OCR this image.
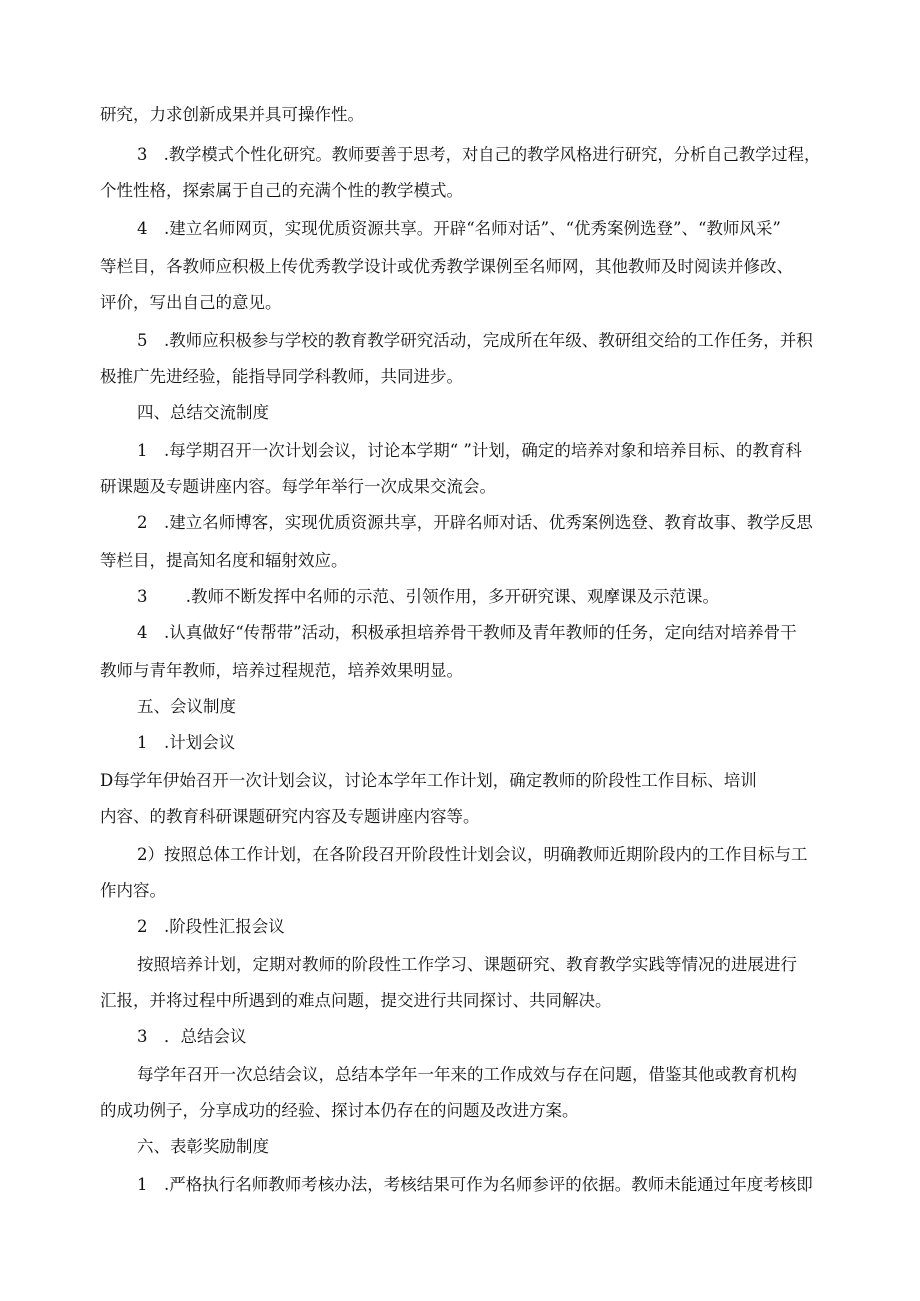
研究，力求创新成果并具可操作性。
3 .教学模式个性化研究。教师要善于思考，对自己的教学风格进行研究，分析自己教学过程，
个性性格，探索属于自己的充满个性的教学模式。
4 .建立名师网页，实现优质资源共享。开辟“名师对话”、“优秀案例选登”、“教师风采”
等栏目，各教师应积极上传优秀教学设计或优秀教学课例至名师网，其他教师及时阅读并修改、
评价，写出自己的意见。
5 .教师应积极参与学校的教育教学研究活动，完成所在年级、教研组交给的工作任务，并积
极推广先进经验，能指导同学科教师，共同进步。
四、总结交流制度
1 .每学期召开一次计划会议，讨论本学期“ ”计划，确定的培养对象和培养目标、的教育科
研课题及专题讲座内容。每学年举行一次成果交流会。
2 .建立名师博客，实现优质资源共享，开辟名师对话、优秀案例选登、教育故事、教学反思
等栏目，提高知名度和辐射效应。
3   .教师不断发挥中名师的示范、引领作用，多开研究课、观摩课及示范课。
4 .认真做好“传帮带”活动，积极承担培养骨干教师及青年教师的任务，定向结对培养骨干
教师与青年教师，培养过程规范，培养效果明显。
五、会议制度
1 .计划会议
D每学年伊始召开一次计划会议，讨论本学年工作计划，确定教师的阶段性工作目标、培训
内容、的教育科研课题研究内容及专题讲座内容等。
2）按照总体工作计划，在各阶段召开阶段性计划会议，明确教师近期阶段内的工作目标与工
作内容。
2 .阶段性汇报会议
按照培养计划，定期对教师的阶段性工作学习、课题研究、教育教学实践等情况的进展进行
汇报，并将过程中所遇到的难点问题，提交进行共同探讨、共同解决。
3 ．总结会议
每学年召开一次总结会议，总结本学年一年来的工作成效与存在问题，借鉴其他或教育机构
的成功例子，分享成功的经验、探讨本仍存在的问题及改进方案。
六、表彰奖励制度
1 .严格执行名师教师考核办法，考核结果可作为名师参评的依据。教师未能通过年度考核即
